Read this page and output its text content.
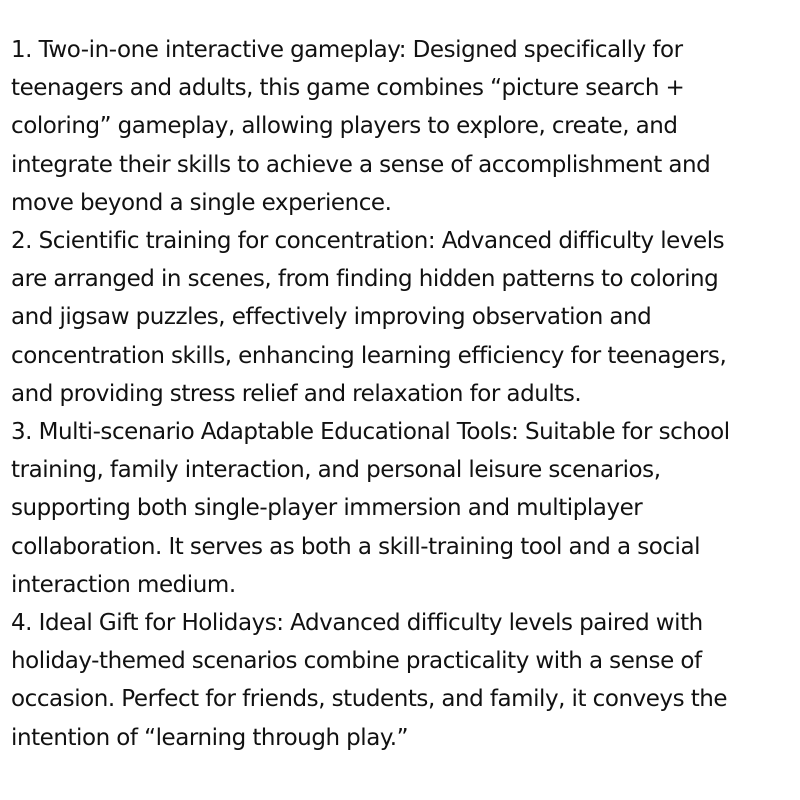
1. Two-in-one interactive gameplay: Designed specifically for
teenagers and adults, this game combines “picture search +
coloring” gameplay, allowing players to explore, create, and
integrate their skills to achieve a sense of accomplishment and
move beyond a single experience.

2. Scientific training for concentration: Advanced difficulty levels
are arranged in scenes, from finding hidden patterns to coloring
and jigsaw puzzles, effectively improving observation and
concentration skills, enhancing learning efficiency for teenagers,
and providing stress relief and relaxation for adults.

3. Multi-scenario Adaptable Educational Tools: Suitable for school
training, family interaction, and personal leisure scenarios,
supporting both single-player immersion and multiplayer
collaboration. It serves as both a skill-training tool and a social
interaction medium.

4. Ideal Gift for Holidays: Advanced difficulty levels paired with
holiday-themed scenarios combine practicality with a sense of
occasion. Perfect for friends, students, and family, it conveys the
intention of “learning through play.”
